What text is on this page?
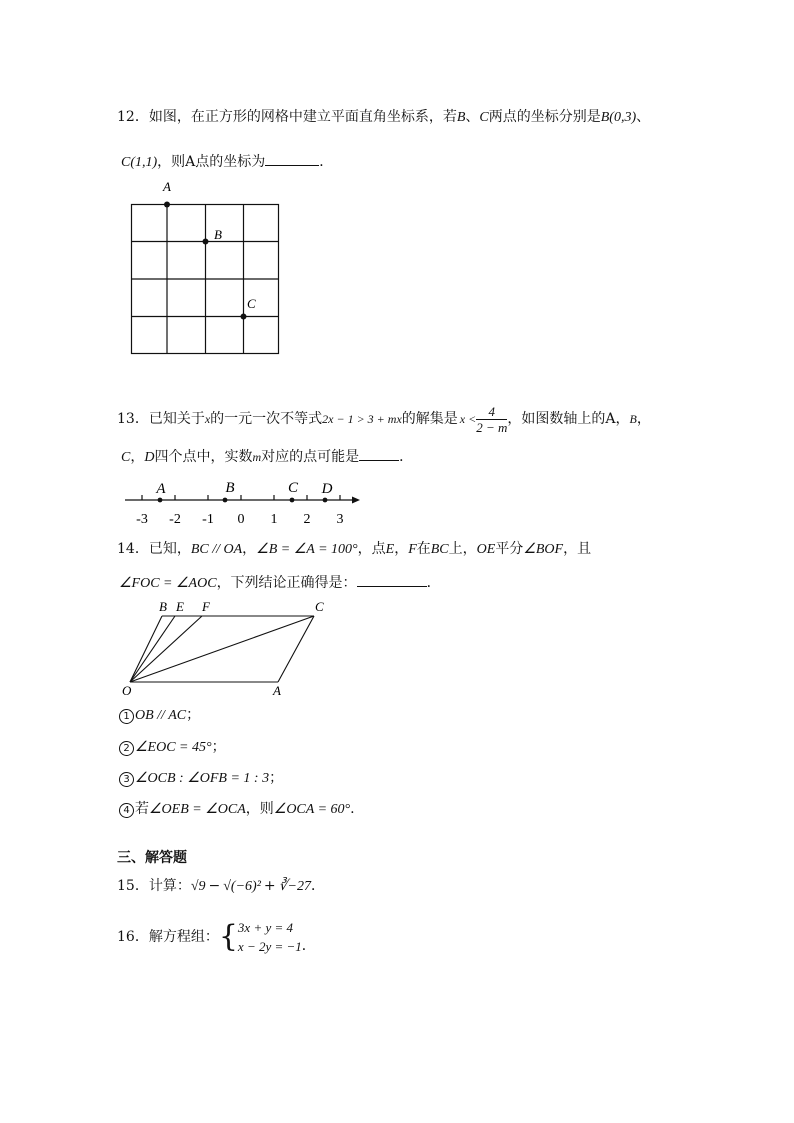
12．如图，在正方形的网格中建立平面直角坐标系，若B、C两点的坐标分别是B(0,3)、
C(1,1)，则A点的坐标为	．
A
B
C
13．已知关于 x 的一元一次不等式 2x − 1 > 3 + mx 的解集是 $x < \frac{4}{2 - m}$ ，如图数轴上的A， B ，
C，D四个点中，实数m对应的点可能是	．
-3 -2 -1 0 1 2 3
A	B	C D
14．已知，BC // OA，∠B = ∠A = 100°，点E，F在BC上，OE平分∠BOF，且
∠FOC = ∠AOC，下列结论正确得是：	．
B E F	C
O	A
1 OB // AC；
2 ∠EOC = 45°；
3 ∠OCB : ∠OFB = 1 : 3；
4 若∠OEB = ∠OCA，则∠OCA = 60°.
三、解答题
15．计算：√9 − √(−6)² + ∛−27．
16．解方程组： { 3x + y = 4
x − 2y = −1 ．
